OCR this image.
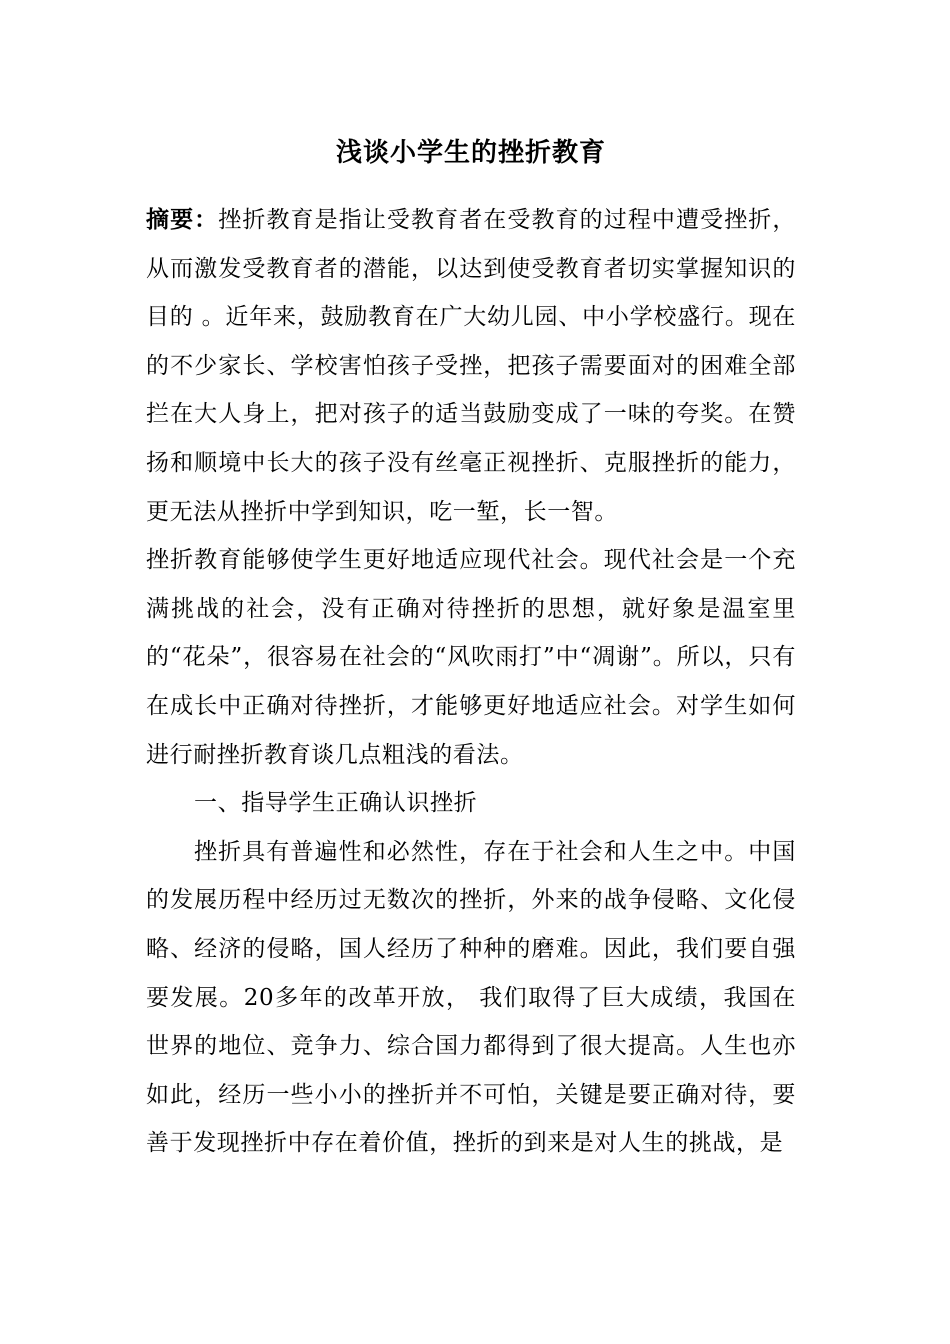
浅谈小学生的挫折教育

摘要：挫折教育是指让受教育者在受教育的过程中遭受挫折，从而激发受教育者的潜能，以达到使受教育者切实掌握知识的目的 。近年来，鼓励教育在广大幼儿园、中小学校盛行。现在的不少家长、学校害怕孩子受挫，把孩子需要面对的困难全部拦在大人身上，把对孩子的适当鼓励变成了一味的夸奖。在赞扬和顺境中长大的孩子没有丝毫正视挫折、克服挫折的能力，更无法从挫折中学到知识，吃一堑，长一智。

挫折教育能够使学生更好地适应现代社会。现代社会是一个充满挑战的社会，没有正确对待挫折的思想，就好象是温室里的“花朵”，很容易在社会的“风吹雨打”中“凋谢”。所以，只有在成长中正确对待挫折，才能够更好地适应社会。对学生如何进行耐挫折教育谈几点粗浅的看法。

一、指导学生正确认识挫折

挫折具有普遍性和必然性，存在于社会和人生之中。中国的发展历程中经历过无数次的挫折，外来的战争侵略、文化侵略、经济的侵略，国人经历了种种的磨难。因此，我们要自强要发展。20多年的改革开放， 我们取得了巨大成绩，我国在世界的地位、竞争力、综合国力都得到了很大提高。人生也亦如此，经历一些小小的挫折并不可怕，关键是要正确对待，要善于发现挫折中存在着价值，挫折的到来是对人生的挑战，是
